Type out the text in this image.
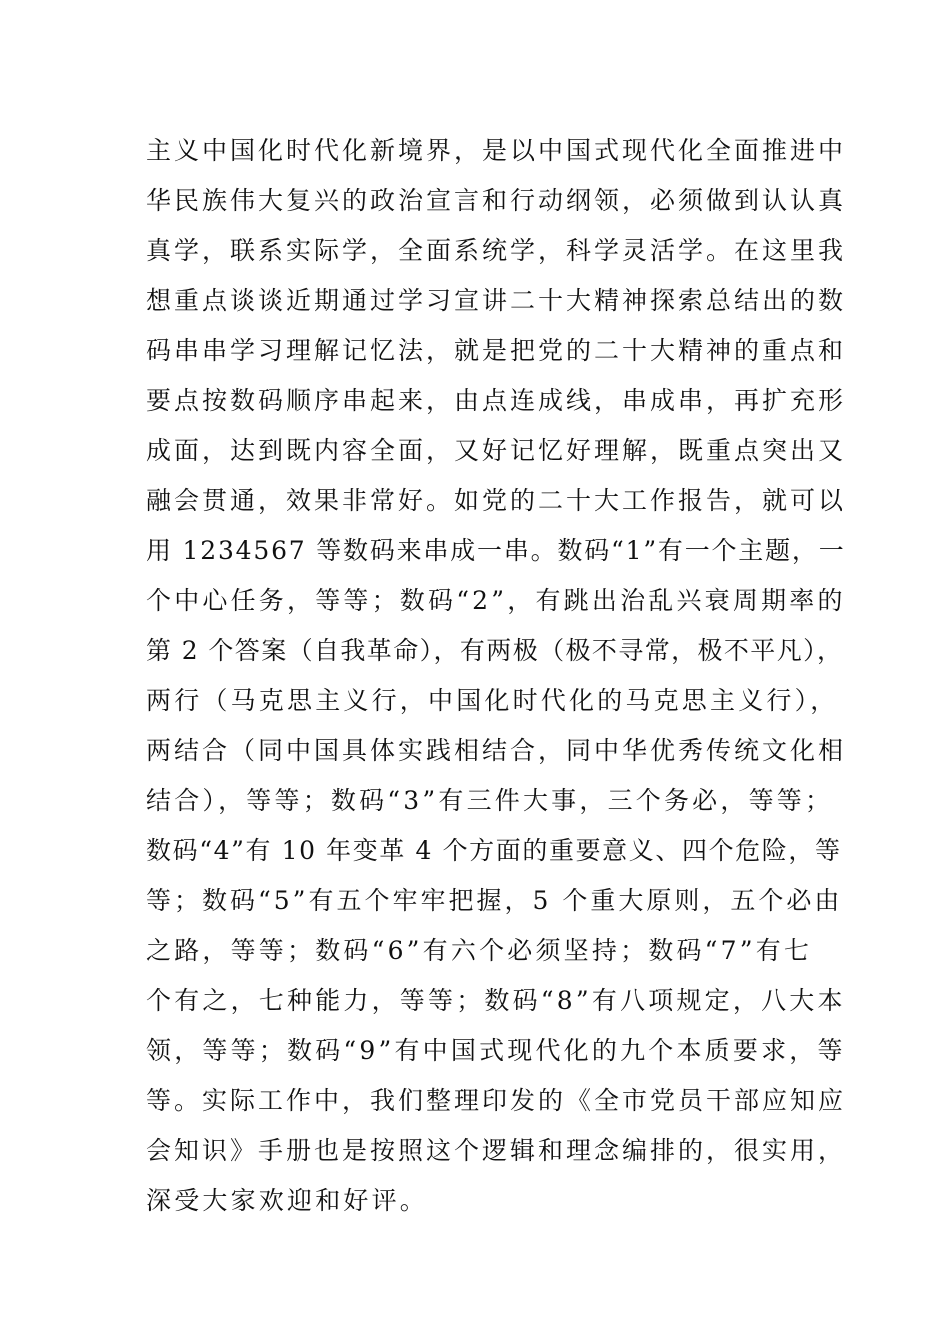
主义中国化时代化新境界，是以中国式现代化全面推进中
华民族伟大复兴的政治宣言和行动纲领，必须做到认认真
真学，联系实际学，全面系统学，科学灵活学。在这里我
想重点谈谈近期通过学习宣讲二十大精神探索总结出的数
码串串学习理解记忆法，就是把党的二十大精神的重点和
要点按数码顺序串起来，由点连成线，串成串，再扩充形
成面，达到既内容全面，又好记忆好理解，既重点突出又
融会贯通，效果非常好。如党的二十大工作报告，就可以
用 1234567 等数码来串成一串。数码“1”有一个主题，一
个中心任务，等等；数码“2”，有跳出治乱兴衰周期率的
第 2 个答案（自我革命），有两极（极不寻常，极不平凡），
两行（马克思主义行，中国化时代化的马克思主义行），
两结合（同中国具体实践相结合，同中华优秀传统文化相
结合），等等；数码“3”有三件大事，三个务必，等等；
数码“4”有 10 年变革 4 个方面的重要意义、四个危险，等
等；数码“5”有五个牢牢把握，5 个重大原则，五个必由
之路，等等；数码“6”有六个必须坚持；数码“7”有七
个有之，七种能力，等等；数码“8”有八项规定，八大本
领，等等；数码“9”有中国式现代化的九个本质要求，等
等。实际工作中，我们整理印发的《全市党员干部应知应
会知识》手册也是按照这个逻辑和理念编排的，很实用，
深受大家欢迎和好评。
